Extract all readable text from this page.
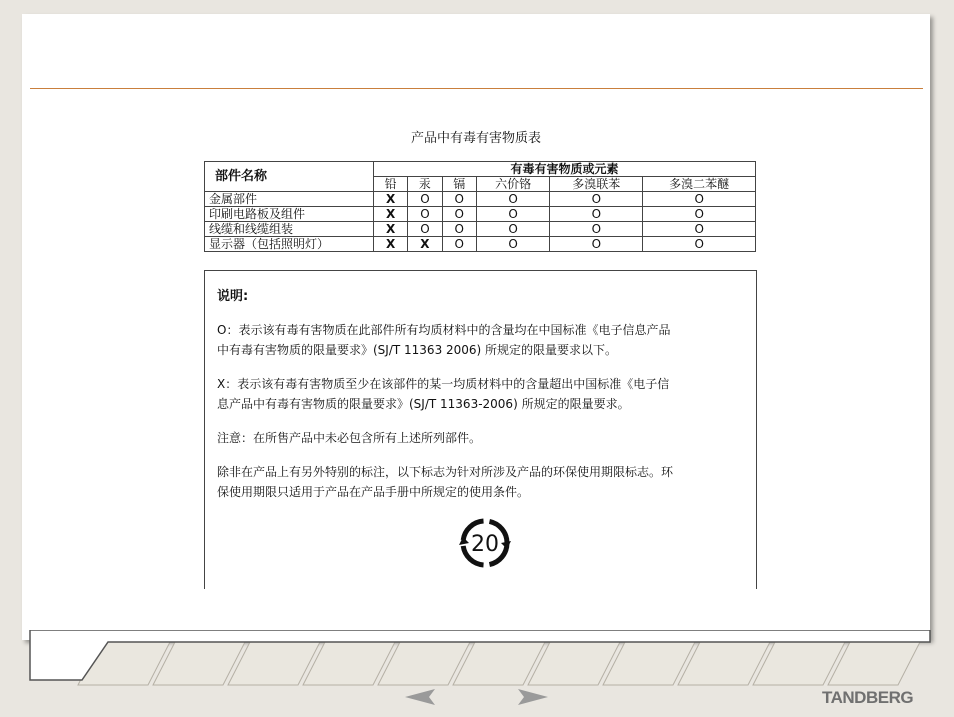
产品中有毒有害物质表
部件名称	有毒有害物质或元素					
	铅	汞	镉	六价铬	多溴联苯	多溴二苯醚
金属部件	X	O	O	O	O	O
印刷电路板及组件	X	O	O	O	O	O
线缆和线缆组装	X	O	O	O	O	O
显示器（包括照明灯）	X	X	O	O	O	O
说明:
O：表示该有毒有害物质在此部件所有均质材料中的含量均在中国标准《电子信息产品
中有毒有害物质的限量要求》(SJ/T 11363 2006) 所规定的限量要求以下。
X：表示该有毒有害物质至少在该部件的某一均质材料中的含量超出中国标准《电子信
息产品中有毒有害物质的限量要求》(SJ/T 11363-2006) 所规定的限量要求。
注意：在所售产品中未必包含所有上述所列部件。
除非在产品上有另外特别的标注，以下标志为针对所涉及产品的环保使用期限标志。环
保使用期限只适用于产品在产品手册中所规定的使用条件。
20
TANDBERG
